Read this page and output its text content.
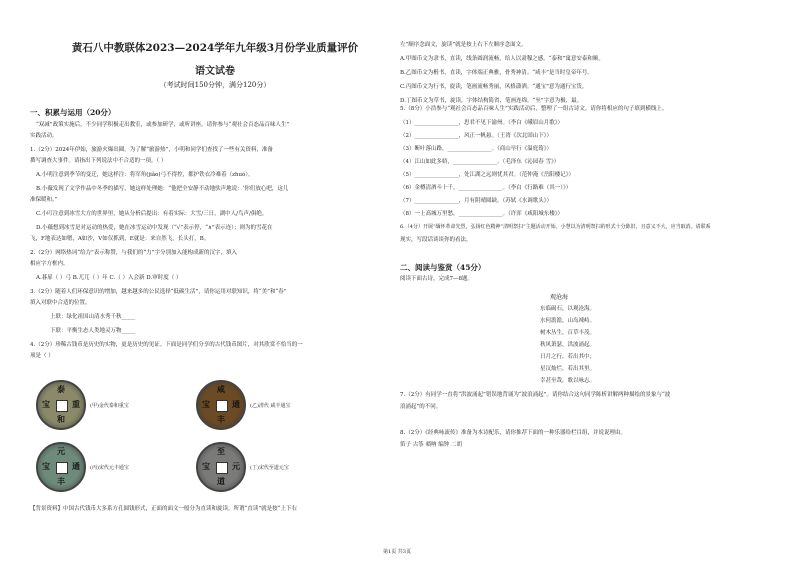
黄石八中教联体2023—2024学年九年级3月份学业质量评价
语文试卷
（考试时间150分钟，满分120分）
一、积累与运用（20分）
“双减”政策实施后，不少同学积极走出教室，或参加研学，或听讲座。请你参与“观社会百态品百味人生”
实践活动。
1.（2分）2024年伊始，旅游火爆出圈。为了解“旅游热”，小明和同学们查找了一些有关资料，准备
撰写调查大事件。请指出下列说法中不合适的一项。（ ）
A.小明注意到季节的变迁，她这样注：将军角(jiǎo)弓不得控，都护铁衣冷难着（zhuó）。
B.小薇发现了文学作品中冬季的描写，她这样处理她：“他把全安静不动地驮声地说：‘你们放心吧，这儿
准保暖和。”
C.小叮注意到冰雪大方的世界里，她从分析后提出：有着实际：大雪/三日，湖中人/鸟声/俱绝。
D.小薇想到冰雪是对运动的热爱，她在冰雪运动中发现（“√”表示停，“∧”表示连）；则为的雪花在
飞，F地表达如嗯，A如沙，V如仅抓到，E就是：来自然飞，长头打，B。
2.（2分）网络热词“给力”表示称赞，与我们的“力”字分别加入能构成新的汉字，填入
相应字方框内。
A.暮扉（ ）弓 B.兀兀（ ）年 C.（ ）入会新 D.审时度（ ）
3.（2分）随着人们环保意识的增加，越来越多的公民选择“低碳生活”，请你运用对联知识，将“美”和“春”
填入对联中合适的位置。
上联：绿化祖国山清水秀千秋_____
下联：平衡生态人类地灵万物_____
4.（2分）珍稀古钱币是历史的实物，更是历史的见证。下面是同学们分享的古代钱币图片，对其欣赏不恰当的一
项是（ ）
泰
和
重
宝	(甲)金代泰和重宝
咸
丰
通
宝	(乙)清代 咸丰通宝
元
丰
通
宝	(丙)宋代元丰通宝
至
道
元
宝	(丁)宋代至道元宝
【背景资料】中国古代钱币大多系方孔圆钱形式，正面的面文一般分为直读和旋读。所谓“直读”就是按“上下右
左”顺序念面文，旋读”就是按上右下左顺序念面文。
A.甲图币文为隶书，直读，线条圆润流畅，给人以肃穆之感。“泰和”寓意安泰和顺。
B.乙图币文为楷书，直读，字体端正典雅，骨秀神清。“咸丰”是当时皇帝年号。
C.丙图币文为行书，旋读，笔画流畅秀丽，风格潇洒。“通宝”意为通行宝货。
D.丁图币文为草书，旋读，字体结构简省，笔画连绵。“至”字意为极、最。
5.（8分）小浩参与“观社会百态品百味人生”实践活动后，整理了一组古诗文。请你将相应的句子填到横线上。
（1）________________，思君不见下渝州。（李白《峨眉山月歌》）
（2）________________，风正一帆悬。（王湾《次北固山下》）
（3）断叶落山路，________________。（商山早行《温庭筠》）
（4）江山如此多娇，________________。（毛泽东《沁园春 雪》）
（5）________________，处江湖之远则忧其君。（范仲淹《岳阳楼记》）
（6）金樽清酒斗十千，________________。（李白《行路难（其一）》）
（7）________________，月有阴晴圆缺。（苏轼《水调歌头》）
（8）一上高城万里愁，________________。（许浑《咸阳城东楼》）
6.（4分）开展“缅怀革命先烈，弘扬红色精神”清明祭扫”主题活动开始。小慧以为清明祭扫的形式十分陈旧，且意义不大，应当取消。请联系
现实，写段话谈谈你的看法。
二、阅读与鉴赏（45分）
阅读下面古诗，完成7—8题。
观沧海
东临碣石，以观沧海。
水何澹澹，山岛竦峙。
树木丛生，百草丰茂。
秋风萧瑟，洪波涌起。
日月之行，若出其中；
星汉灿烂，若出其里。
幸甚至哉，歌以咏志。
7.（2分）有同学一直将“洪波涌起”错误地背诵为“波浪涌起”。请你结合这句同学陈析讲解两种描绘的景象与“波
浪涌起”的不同。
8.（2分）《经典咏流传》准备为本诗配乐，请你推荐下面的一种乐器给栏目组，并说说理由。
笛子 古筝 唢呐 编钟 二胡
第1页 共3页
